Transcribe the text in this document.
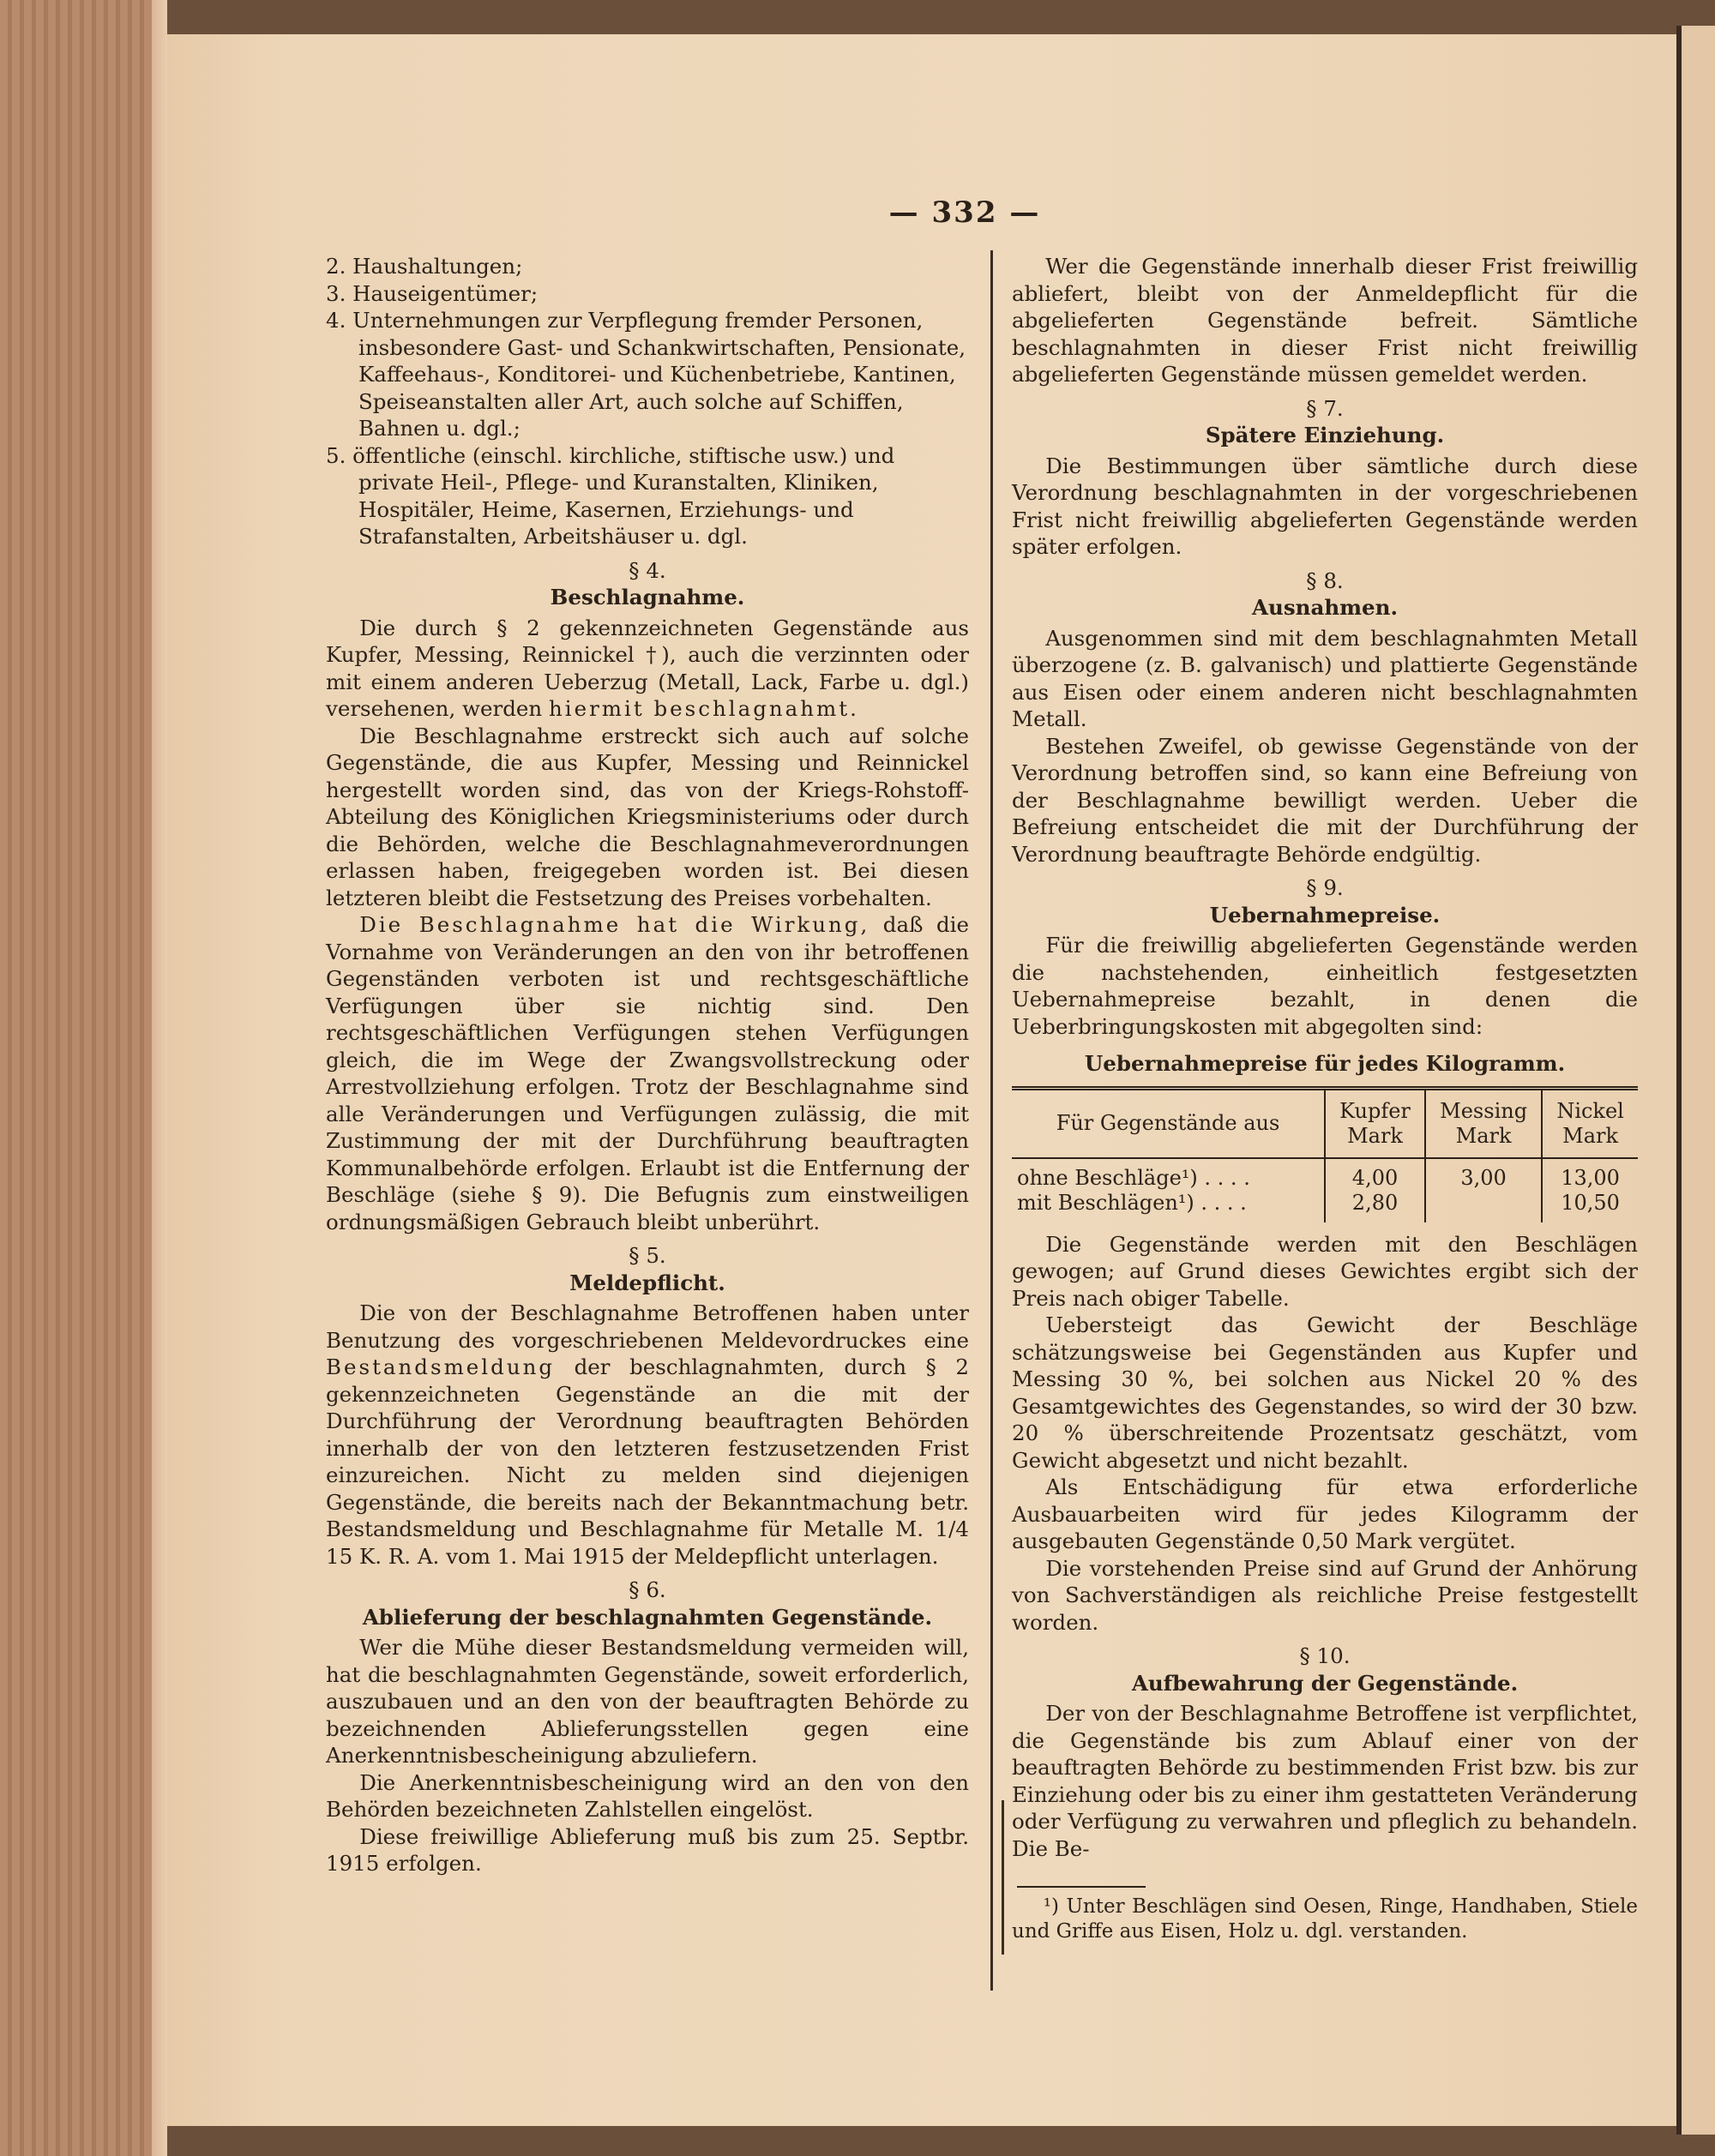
— 332 —

2. Haushaltungen;

3. Hauseigentümer;

4. Unternehmungen zur Verpflegung fremder Personen, insbesondere Gast- und Schankwirtschaften, Pensionate, Kaffeehaus-, Konditorei- und Küchenbetriebe, Kantinen, Speiseanstalten aller Art, auch solche auf Schiffen, Bahnen u. dgl.;

5. öffentliche (einschl. kirchliche, stiftische usw.) und private Heil-, Pflege- und Kuranstalten, Kliniken, Hospitäler, Heime, Kasernen, Erziehungs- und Strafanstalten, Arbeitshäuser u. dgl.

§ 4.

Beschlagnahme.

Die durch § 2 gekennzeichneten Gegenstände aus Kupfer, Messing, Reinnickel †), auch die verzinnten oder mit einem anderen Ueberzug (Metall, Lack, Farbe u. dgl.) versehenen, werden hiermit beschlagnahmt.

Die Beschlagnahme erstreckt sich auch auf solche Gegenstände, die aus Kupfer, Messing und Reinnickel hergestellt worden sind, das von der Kriegs-Rohstoff-Abteilung des Königlichen Kriegsministeriums oder durch die Behörden, welche die Beschlagnahmeverordnungen erlassen haben, freigegeben worden ist. Bei diesen letzteren bleibt die Festsetzung des Preises vorbehalten.

Die Beschlagnahme hat die Wirkung, daß die Vornahme von Veränderungen an den von ihr betroffenen Gegenständen verboten ist und rechtsgeschäftliche Verfügungen über sie nichtig sind. Den rechtsgeschäftlichen Verfügungen stehen Verfügungen gleich, die im Wege der Zwangsvollstreckung oder Arrestvollziehung erfolgen. Trotz der Beschlagnahme sind alle Veränderungen und Verfügungen zulässig, die mit Zustimmung der mit der Durchführung beauftragten Kommunalbehörde erfolgen. Erlaubt ist die Entfernung der Beschläge (siehe § 9). Die Befugnis zum einstweiligen ordnungsmäßigen Gebrauch bleibt unberührt.

§ 5.

Meldepflicht.

Die von der Beschlagnahme Betroffenen haben unter Benutzung des vorgeschriebenen Meldevordruckes eine Bestandsmeldung der beschlagnahmten, durch § 2 gekennzeichneten Gegenstände an die mit der Durchführung der Verordnung beauftragten Behörden innerhalb der von den letzteren festzusetzenden Frist einzureichen. Nicht zu melden sind diejenigen Gegenstände, die bereits nach der Bekanntmachung betr. Bestandsmeldung und Beschlagnahme für Metalle M. 1/4 15 K. R. A. vom 1. Mai 1915 der Meldepflicht unterlagen.

§ 6.

Ablieferung der beschlagnahmten Gegenstände.

Wer die Mühe dieser Bestandsmeldung vermeiden will, hat die beschlagnahmten Gegenstände, soweit erforderlich, auszubauen und an den von der beauftragten Behörde zu bezeichnenden Ablieferungsstellen gegen eine Anerkenntnisbescheinigung abzuliefern.

Die Anerkenntnisbescheinigung wird an den von den Behörden bezeichneten Zahlstellen eingelöst.

Diese freiwillige Ablieferung muß bis zum 25. Septbr. 1915 erfolgen.

Wer die Gegenstände innerhalb dieser Frist freiwillig abliefert, bleibt von der Anmeldepflicht für die abgelieferten Gegenstände befreit. Sämtliche beschlagnahmten in dieser Frist nicht freiwillig abgelieferten Gegenstände müssen gemeldet werden.

§ 7.

Spätere Einziehung.

Die Bestimmungen über sämtliche durch diese Verordnung beschlagnahmten in der vorgeschriebenen Frist nicht freiwillig abgelieferten Gegenstände werden später erfolgen.

§ 8.

Ausnahmen.

Ausgenommen sind mit dem beschlagnahmten Metall überzogene (z. B. galvanisch) und plattierte Gegenstände aus Eisen oder einem anderen nicht beschlagnahmten Metall.

Bestehen Zweifel, ob gewisse Gegenstände von der Verordnung betroffen sind, so kann eine Befreiung von der Beschlagnahme bewilligt werden. Ueber die Befreiung entscheidet die mit der Durchführung der Verordnung beauftragte Behörde endgültig.

§ 9.

Uebernahmepreise.

Für die freiwillig abgelieferten Gegenstände werden die nachstehenden, einheitlich festgesetzten Uebernahmepreise bezahlt, in denen die Ueberbringungskosten mit abgegolten sind:

Uebernahmepreise für jedes Kilogramm.

Für Gegenstände aus	Kupfer Mark	Messing Mark	Nickel Mark
ohne Beschläge¹) . . . .	4,00	3,00	13,00
mit Beschlägen¹) . . . .	2,80		10,50

Die Gegenstände werden mit den Beschlägen gewogen; auf Grund dieses Gewichtes ergibt sich der Preis nach obiger Tabelle.

Uebersteigt das Gewicht der Beschläge schätzungsweise bei Gegenständen aus Kupfer und Messing 30 %, bei solchen aus Nickel 20 % des Gesamtgewichtes des Gegenstandes, so wird der 30 bzw. 20 % überschreitende Prozentsatz geschätzt, vom Gewicht abgesetzt und nicht bezahlt.

Als Entschädigung für etwa erforderliche Ausbauarbeiten wird für jedes Kilogramm der ausgebauten Gegenstände 0,50 Mark vergütet.

Die vorstehenden Preise sind auf Grund der Anhörung von Sachverständigen als reichliche Preise festgestellt worden.

§ 10.

Aufbewahrung der Gegenstände.

Der von der Beschlagnahme Betroffene ist verpflichtet, die Gegenstände bis zum Ablauf einer von der beauftragten Behörde zu bestimmenden Frist bzw. bis zur Einziehung oder bis zu einer ihm gestatteten Veränderung oder Verfügung zu verwahren und pfleglich zu behandeln. Die Be-

¹) Unter Beschlägen sind Oesen, Ringe, Handhaben, Stiele und Griffe aus Eisen, Holz u. dgl. verstanden.
